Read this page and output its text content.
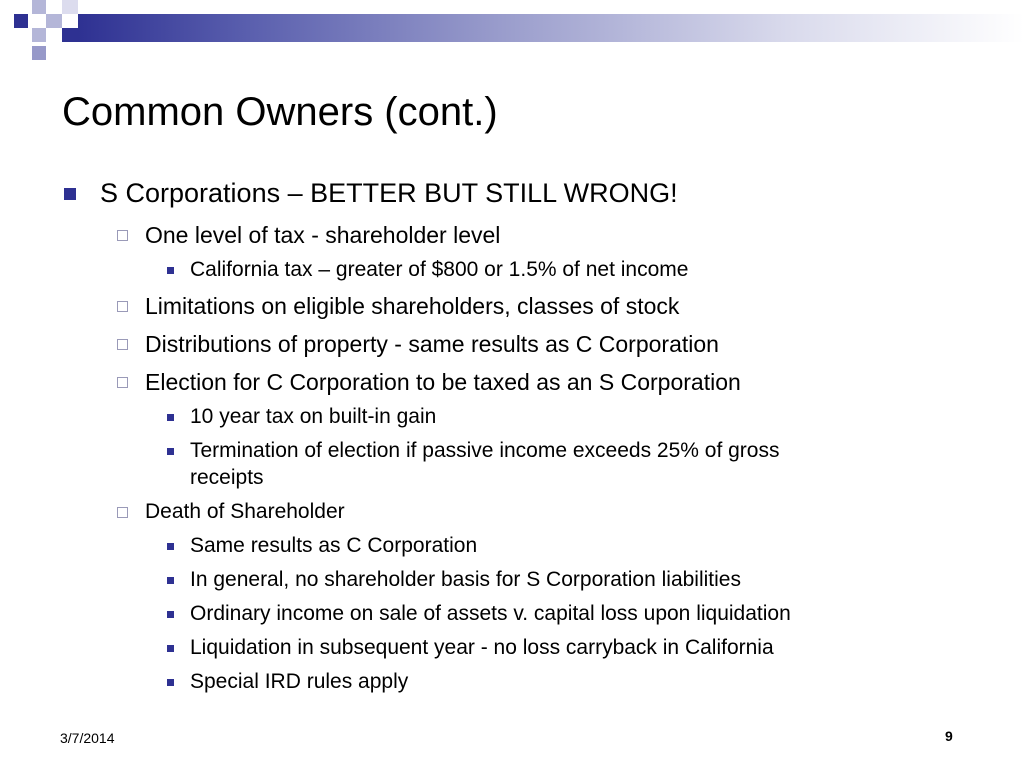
Common Owners (cont.)
S Corporations – BETTER BUT STILL WRONG!
One level of tax - shareholder level
California tax – greater of $800 or 1.5% of net income
Limitations on eligible shareholders, classes of stock
Distributions of property - same results as C Corporation
Election for C Corporation to be taxed as an S Corporation
10 year tax on built-in gain
Termination of election if passive income exceeds 25% of gross
receipts
Death of Shareholder
Same results as C Corporation
In general, no shareholder basis for S Corporation liabilities
Ordinary income on sale of assets v. capital loss upon liquidation
Liquidation in subsequent year - no loss carryback in California
Special IRD rules apply
3/7/2014	9
